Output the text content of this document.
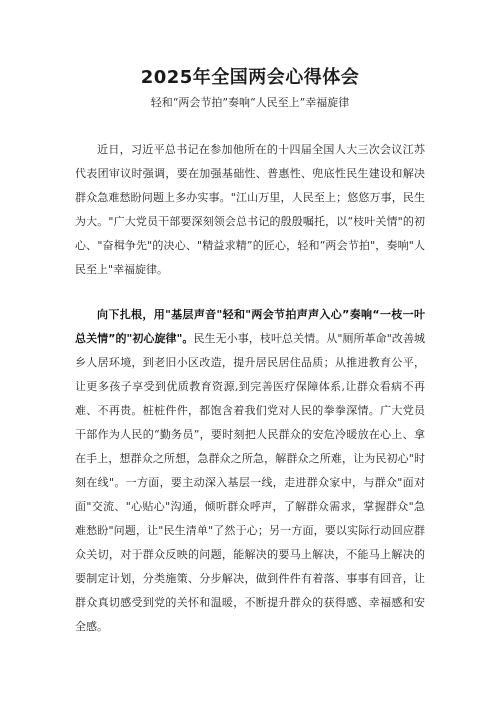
2025年全国两会心得体会
轻和“两会节拍”奏响“人民至上”幸福旋律

近日，习近平总书记在参加他所在的十四届全国人大三次会议江苏代表团审议时强调，要在加强基础性、普惠性、兜底性民生建设和解决群众急难愁盼问题上多办实事。"江山万里，人民至上；悠悠万事，民生为大。"广大党员干部要深刻领会总书记的殷殷嘱托，以“枝叶关情"的初心、"奋楫争先"的决心、"精益求精”的匠心，轻和“两会节拍"，奏响"人民至上"幸福旋律。

向下扎根，用"基层声音"轻和"两会节拍声声入心”奏响“一枝一叶总关情”的"初心旋律"。民生无小事，枝叶总关情。从"厕所革命"改善城乡人居环境，到老旧小区改造，提升居民居住品质；从推进教育公平，让更多孩子享受到优质教育资源,到完善医疗保障体系,让群众看病不再难、不再贵。桩桩件件，都饱含着我们党对人民的拳拳深情。广大党员干部作为人民的“勤务员”，要时刻把人民群众的安危冷暖放在心上、拿在手上，想群众之所想，急群众之所急，解群众之所难，让为民初心"时刻在线"。一方面，要主动深入基层一线，走进群众家中，与群众"面对面"交流、"心贴心"沟通，倾听群众呼声，了解群众需求，掌握群众"急难愁盼"问题，让"民生清单"了然于心；另一方面，要以实际行动回应群众关切，对于群众反映的问题，能解决的要马上解决，不能马上解决的要制定计划，分类施策、分步解决，做到件件有着落、事事有回音，让群众真切感受到党的关怀和温暖，不断提升群众的获得感、幸福感和安全感。
